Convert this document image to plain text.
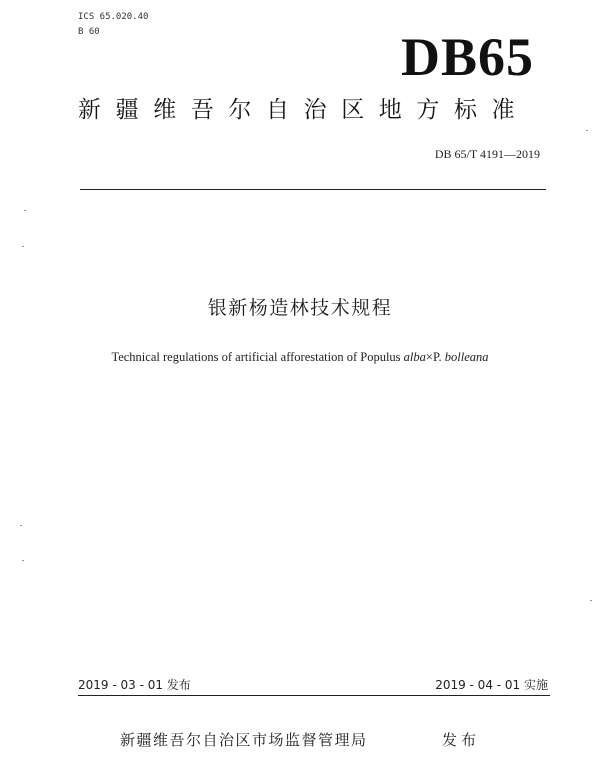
ICS 65.020.40
B 60	DB65
新疆维吾尔自治区地方标准
DB 65/T 4191—2019
银新杨造林技术规程
Technical regulations of artificial afforestation of Populus alba×P. bolleana
2019 - 03 - 01 发布	2019 - 04 - 01 实施
新疆维吾尔自治区市场监督管理局	发布
